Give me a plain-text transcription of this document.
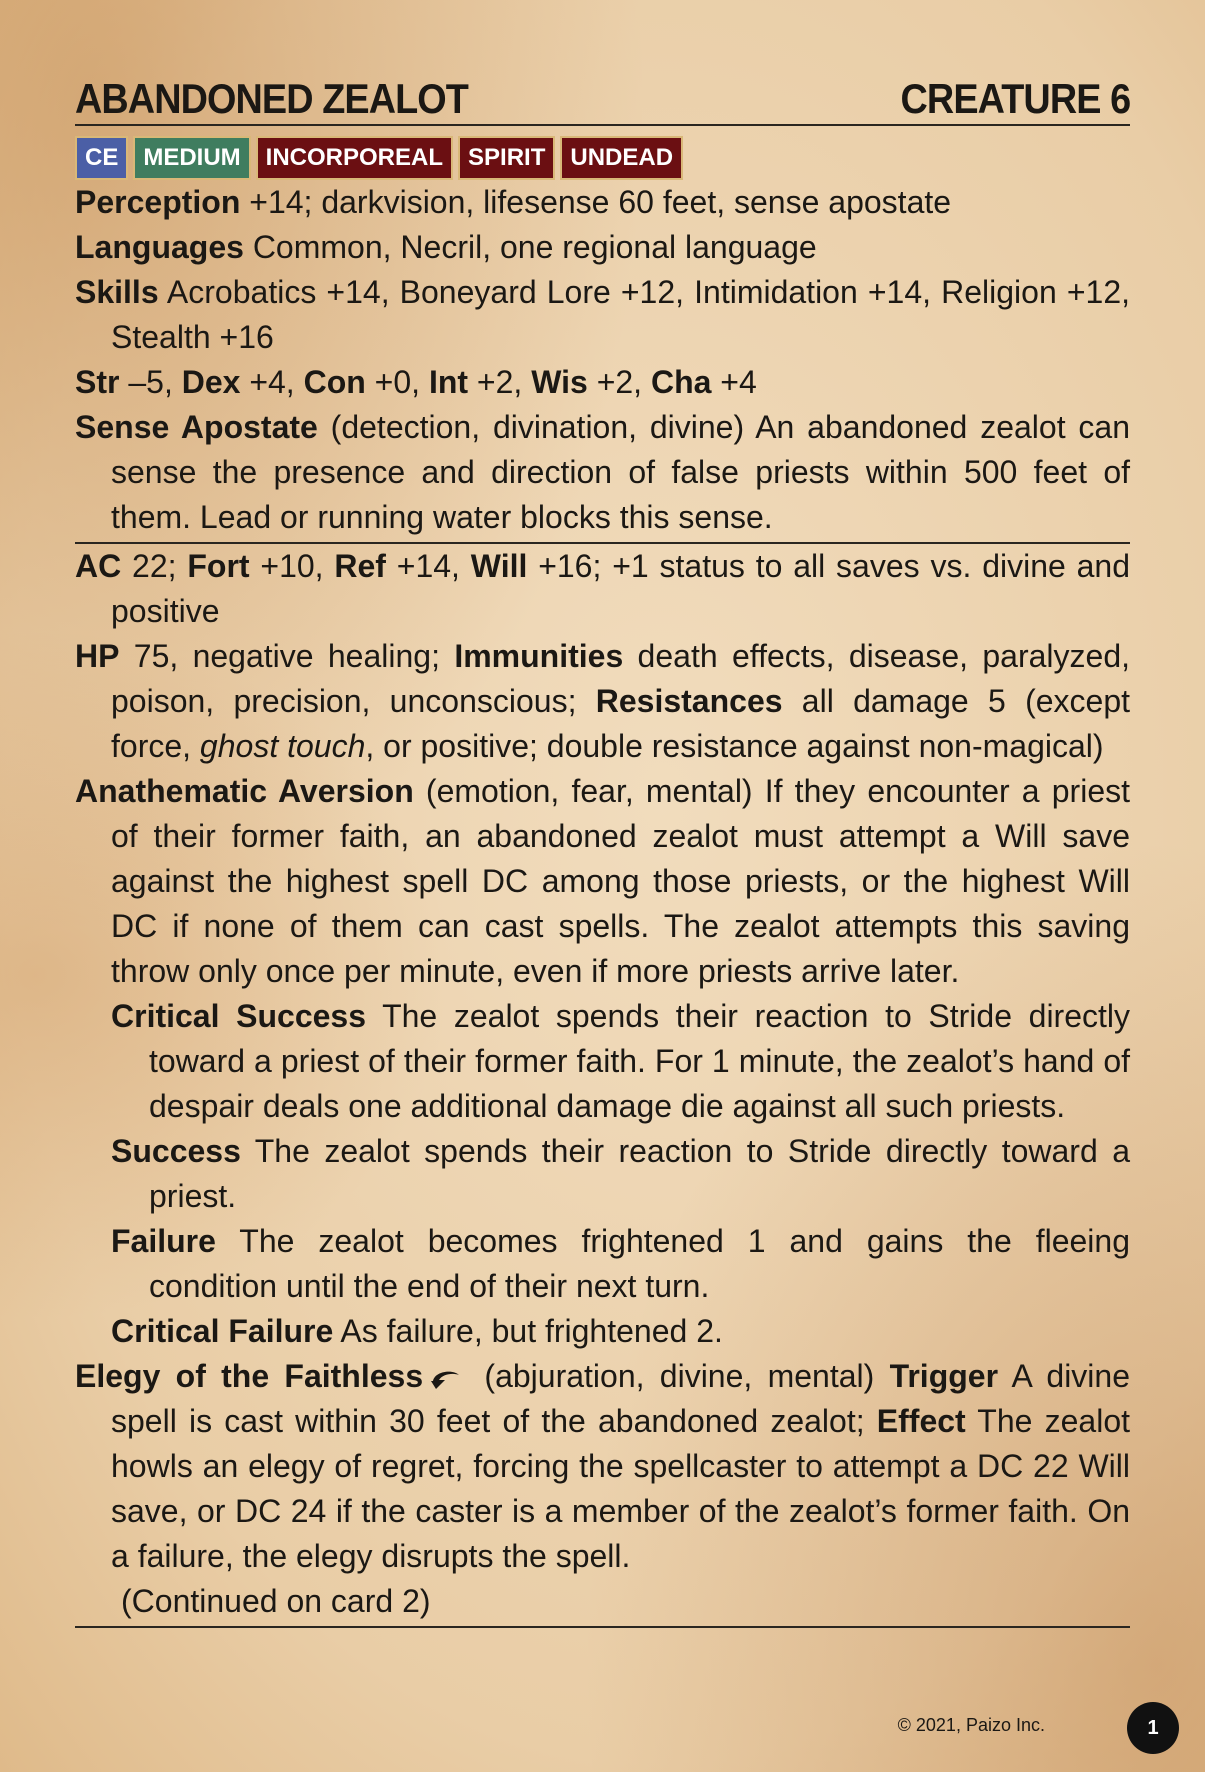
ABANDONED ZEALOT	CREATURE 6
CE	MEDIUM	INCORPOREAL	SPIRIT	UNDEAD
Perception +14; darkvision, lifesense 60 feet, sense apostate
Languages Common, Necril, one regional language
Skills Acrobatics +14, Boneyard Lore +12, Intimidation +14, Religion +12, Stealth +16
Str –5, Dex +4, Con +0, Int +2, Wis +2, Cha +4
Sense Apostate (detection, divination, divine) An abandoned zealot can sense the presence and direction of false priests within 500 feet of them. Lead or running water blocks this sense.
AC 22; Fort +10, Ref +14, Will +16; +1 status to all saves vs. divine and positive
HP 75, negative healing; Immunities death effects, disease, paralyzed, poison, precision, unconscious; Resistances all damage 5 (except force, ghost touch, or positive; double resistance against non-magical)
Anathematic Aversion (emotion, fear, mental) If they encounter a priest of their former faith, an abandoned zealot must attempt a Will save against the highest spell DC among those priests, or the highest Will DC if none of them can cast spells. The zealot attempts this saving throw only once per minute, even if more priests arrive later.
Critical Success The zealot spends their reaction to Stride directly toward a priest of their former faith. For 1 minute, the zealot’s hand of despair deals one additional damage die against all such priests.
Success The zealot spends their reaction to Stride directly toward a priest.
Failure The zealot becomes frightened 1 and gains the fleeing condition until the end of their next turn.
Critical Failure As failure, but frightened 2.
Elegy of the Faithless (abjuration, divine, mental) Trigger A divine spell is cast within 30 feet of the abandoned zealot; Effect The zealot howls an elegy of regret, forcing the spellcaster to attempt a DC 22 Will save, or DC 24 if the caster is a member of the zealot’s former faith. On a failure, the elegy disrupts the spell.
(Continued on card 2)
© 2021, Paizo Inc.	1
